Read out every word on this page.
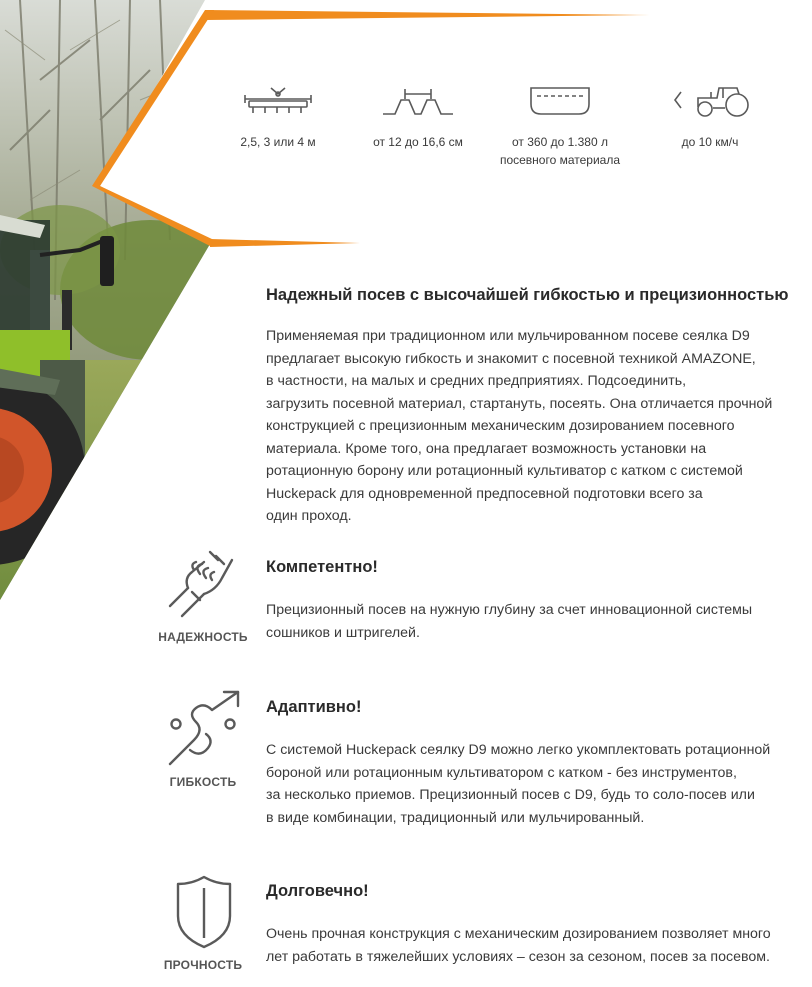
2,5, 3 или 4 м	от 12 до 16,6 см	от 360 до 1.380 л
посевного материала
до 10 км/ч
Надежный посев с высочайшей гибкостью и прецизионностью
Применяемая при традиционном или мульчированном посеве сеялка D9
предлагает высокую гибкость и знакомит с посевной техникой AMAZONE,
в частности, на малых и средних предприятиях. Подсоединить,
загрузить посевной материал, стартануть, посеять. Она отличается прочной
конструкцией с прецизионным механическим дозированием посевного
материала. Кроме того, она предлагает возможность установки на
ротационную борону или ротационный культиватор с катком с системой
Huckepack для одновременной предпосевной подготовки всего за
один проход.
НАДЕЖНОСТЬ
Компетентно!
Прецизионный посев на нужную глубину за счет инновационной системы
сошников и штригелей.
ГИБКОСТЬ
Адаптивно!
С системой Huckepack сеялку D9 можно легко укомплектовать ротационной
бороной или ротационным культиватором с катком - без инструментов,
за несколько приемов. Прецизионный посев с D9, будь то соло-посев или
в виде комбинации, традиционный или мульчированный.
ПРОЧНОСТЬ
Долговечно!
Очень прочная конструкция с механическим дозированием позволяет много
лет работать в тяжелейших условиях – сезон за сезоном, посев за посевом.
